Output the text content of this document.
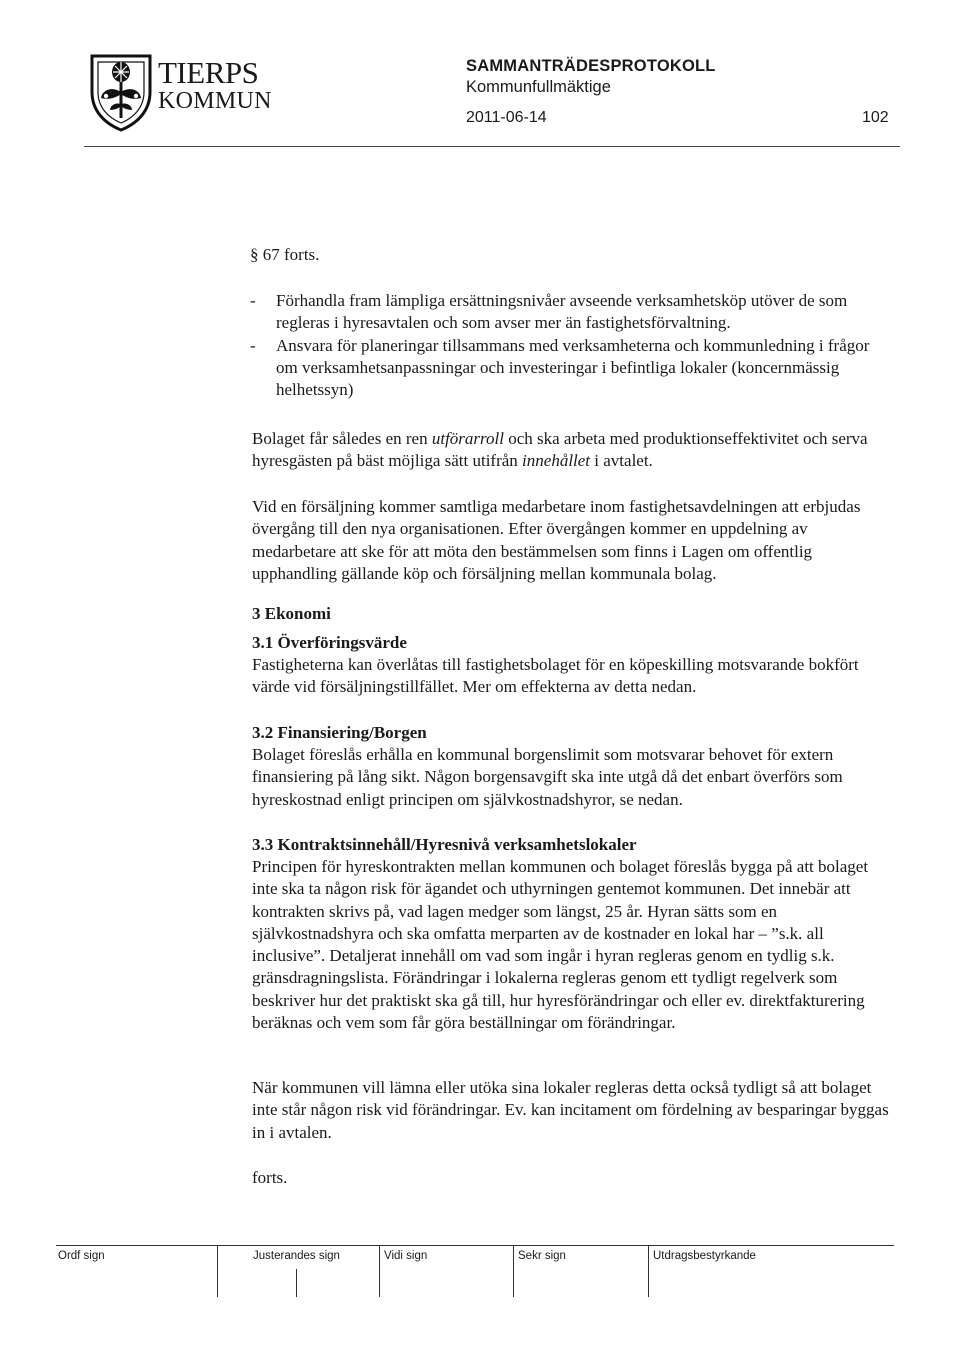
TIERPS
KOMMUN
SAMMANTRÄDESPROTOKOLL
Kommunfullmäktige
2011-06-14	102
§ 67 forts.
- Förhandla fram lämpliga ersättningsnivåer avseende verksamhetsköp utöver de som regleras i hyresavtalen och som avser mer än fastighetsförvaltning.
- Ansvara för planeringar tillsammans med verksamheterna och kommunledning i frågor om verksamhetsanpassningar och investeringar i befintliga lokaler (koncernmässig helhetssyn)

Bolaget får således en ren utförarroll och ska arbeta med produktionseffektivitet och serva hyresgästen på bäst möjliga sätt utifrån innehållet i avtalet.

Vid en försäljning kommer samtliga medarbetare inom fastighetsavdelningen att erbjudas övergång till den nya organisationen. Efter övergången kommer en uppdelning av medarbetare att ske för att möta den bestämmelsen som finns i Lagen om offentlig upphandling gällande köp och försäljning mellan kommunala bolag.

3 Ekonomi
3.1 Överföringsvärde

Fastigheterna kan överlåtas till fastighetsbolaget för en köpeskilling motsvarande bokfört värde vid försäljningstillfället. Mer om effekterna av detta nedan.

3.2 Finansiering/Borgen

Bolaget föreslås erhålla en kommunal borgenslimit som motsvarar behovet för extern finansiering på lång sikt. Någon borgensavgift ska inte utgå då det enbart överförs som hyreskostnad enligt principen om självkostnadshyror, se nedan.

3.3 Kontraktsinnehåll/Hyresnivå verksamhetslokaler

Principen för hyreskontrakten mellan kommunen och bolaget föreslås bygga på att bolaget inte ska ta någon risk för ägandet och uthyrningen gentemot kommunen. Det innebär att kontrakten skrivs på, vad lagen medger som längst, 25 år. Hyran sätts som en självkostnadshyra och ska omfatta merparten av de kostnader en lokal har – ”s.k. all inclusive”. Detaljerat innehåll om vad som ingår i hyran regleras genom en tydlig s.k. gränsdragningslista. Förändringar i lokalerna regleras genom ett tydligt regelverk som beskriver hur det praktiskt ska gå till, hur hyresförändringar och eller ev. direktfakturering beräknas och vem som får göra beställningar om förändringar.

När kommunen vill lämna eller utöka sina lokaler regleras detta också tydligt så att bolaget inte står någon risk vid förändringar. Ev. kan incitament om fördelning av besparingar byggas in i avtalen.

forts.
Ordf sign	Justerandes sign	Vidi sign	Sekr sign	Utdragsbestyrkande
